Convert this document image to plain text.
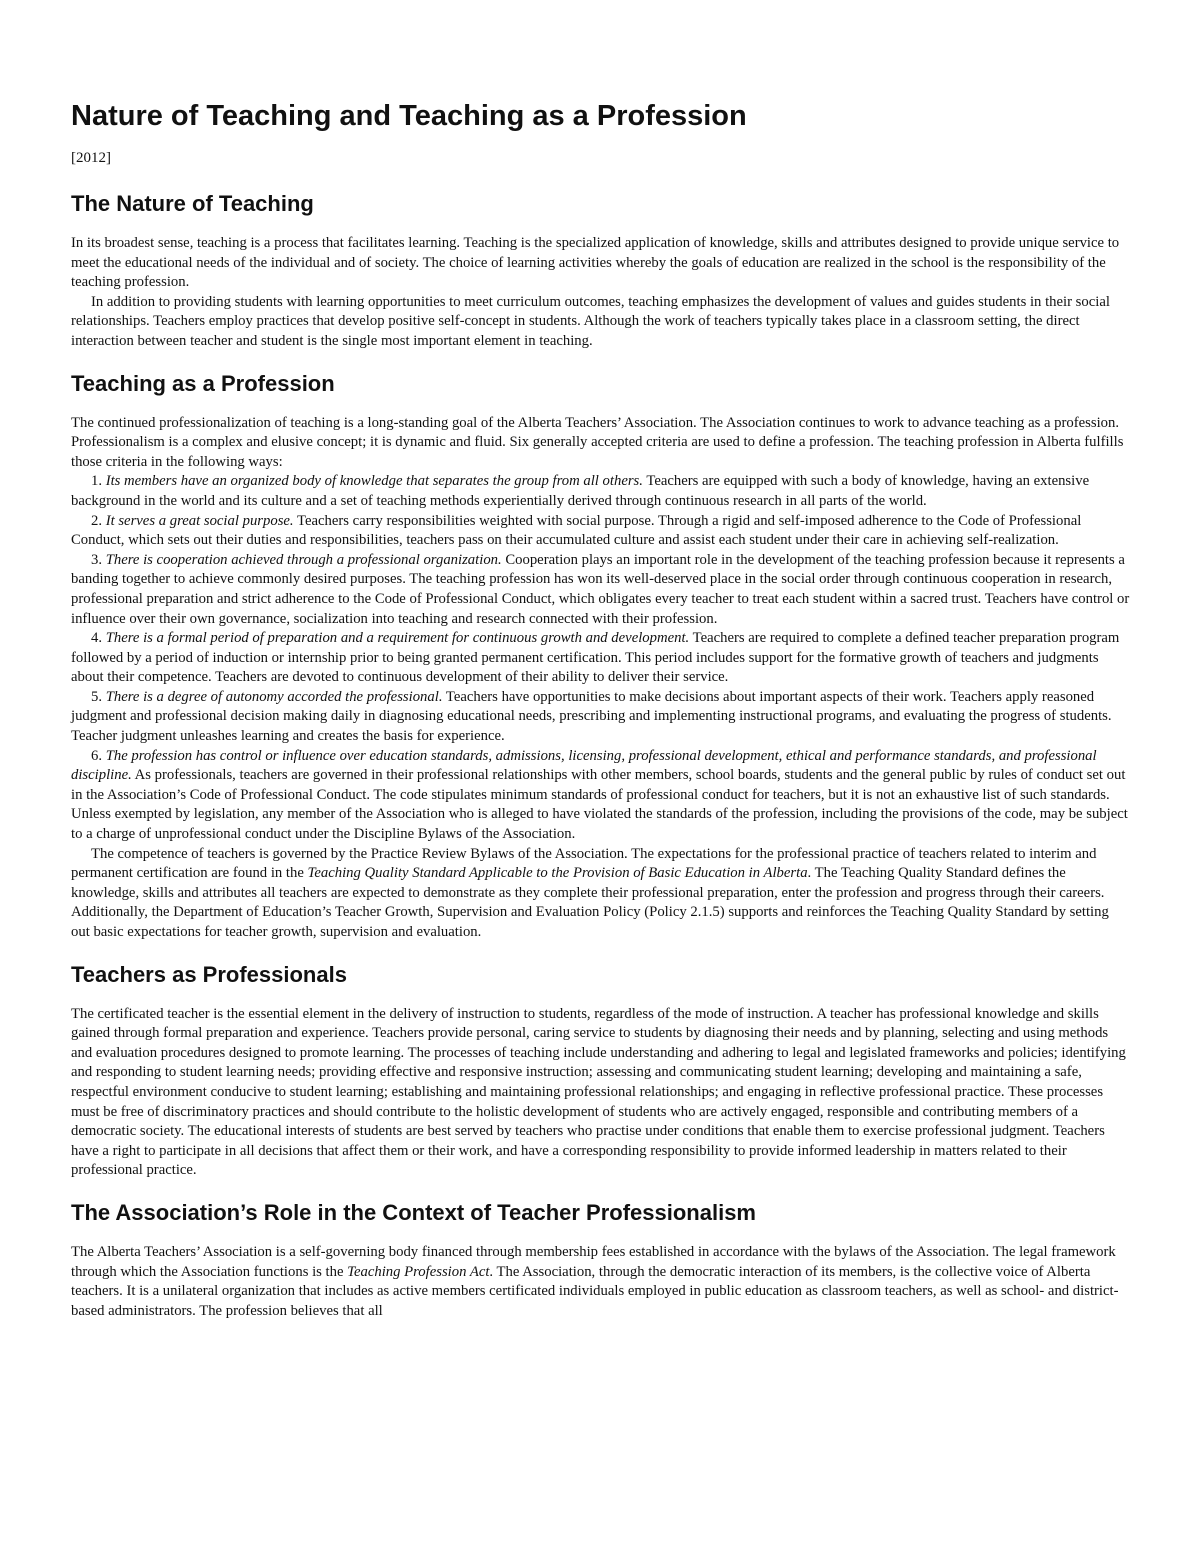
Nature of Teaching and Teaching as a Profession
[2012]
The Nature of Teaching

In its broadest sense, teaching is a process that facilitates learning. Teaching is the specialized application of knowledge, skills and attributes designed to provide unique service to meet the educational needs of the individual and of society. The choice of learning activities whereby the goals of education are realized in the school is the responsibility of the teaching profession.

In addition to providing students with learning opportunities to meet curriculum outcomes, teaching emphasizes the development of values and guides students in their social relationships. Teachers employ practices that develop positive self-concept in students. Although the work of teachers typically takes place in a classroom setting, the direct interaction between teacher and student is the single most important element in teaching.

Teaching as a Profession

The continued professionalization of teaching is a long-standing goal of the Alberta Teachers’ Association. The Association continues to work to advance teaching as a profession. Professionalism is a complex and elusive concept; it is dynamic and fluid. Six generally accepted criteria are used to define a profession. The teaching profession in Alberta fulfills those criteria in the following ways:

1. Its members have an organized body of knowledge that separates the group from all others. Teachers are equipped with such a body of knowledge, having an extensive background in the world and its culture and a set of teaching methods experientially derived through continuous research in all parts of the world.

2. It serves a great social purpose. Teachers carry responsibilities weighted with social purpose. Through a rigid and self-imposed adherence to the Code of Professional Conduct, which sets out their duties and responsibilities, teachers pass on their accumulated culture and assist each student under their care in achieving self-realization.

3. There is cooperation achieved through a professional organization. Cooperation plays an important role in the development of the teaching profession because it represents a banding together to achieve commonly desired purposes. The teaching profession has won its well-deserved place in the social order through continuous cooperation in research, professional preparation and strict adherence to the Code of Professional Conduct, which obligates every teacher to treat each student within a sacred trust. Teachers have control or influence over their own governance, socialization into teaching and research connected with their profession.

4. There is a formal period of preparation and a requirement for continuous growth and development. Teachers are required to complete a defined teacher preparation program followed by a period of induction or internship prior to being granted permanent certification. This period includes support for the formative growth of teachers and judgments about their competence. Teachers are devoted to continuous development of their ability to deliver their service.

5. There is a degree of autonomy accorded the professional. Teachers have opportunities to make decisions about important aspects of their work. Teachers apply reasoned judgment and professional decision making daily in diagnosing educational needs, prescribing and implementing instructional programs, and evaluating the progress of students. Teacher judgment unleashes learning and creates the basis for experience.

6. The profession has control or influence over education standards, admissions, licensing, professional development, ethical and performance standards, and professional discipline. As professionals, teachers are governed in their professional relationships with other members, school boards, students and the general public by rules of conduct set out in the Association’s Code of Professional Conduct. The code stipulates minimum standards of professional conduct for teachers, but it is not an exhaustive list of such standards. Unless exempted by legislation, any member of the Association who is alleged to have violated the standards of the profession, including the provisions of the code, may be subject to a charge of unprofessional conduct under the Discipline Bylaws of the Association.

The competence of teachers is governed by the Practice Review Bylaws of the Association. The expectations for the professional practice of teachers related to interim and permanent certification are found in the Teaching Quality Standard Applicable to the Provision of Basic Education in Alberta. The Teaching Quality Standard defines the knowledge, skills and attributes all teachers are expected to demonstrate as they complete their professional preparation, enter the profession and progress through their careers. Additionally, the Department of Education’s Teacher Growth, Supervision and Evaluation Policy (Policy 2.1.5) supports and reinforces the Teaching Quality Standard by setting out basic expectations for teacher growth, supervision and evaluation.

Teachers as Professionals

The certificated teacher is the essential element in the delivery of instruction to students, regardless of the mode of instruction. A teacher has professional knowledge and skills gained through formal preparation and experience. Teachers provide personal, caring service to students by diagnosing their needs and by planning, selecting and using methods and evaluation procedures designed to promote learning. The processes of teaching include understanding and adhering to legal and legislated frameworks and policies; identifying and responding to student learning needs; providing effective and responsive instruction; assessing and communicating student learning; developing and maintaining a safe, respectful environment conducive to student learning; establishing and maintaining professional relationships; and engaging in reflective professional practice. These processes must be free of discriminatory practices and should contribute to the holistic development of students who are actively engaged, responsible and contributing members of a democratic society. The educational interests of students are best served by teachers who practise under conditions that enable them to exercise professional judgment. Teachers have a right to participate in all decisions that affect them or their work, and have a corresponding responsibility to provide informed leadership in matters related to their professional practice.

The Association’s Role in the Context of Teacher Professionalism

The Alberta Teachers’ Association is a self-governing body financed through membership fees established in accordance with the bylaws of the Association. The legal framework through which the Association functions is the Teaching Profession Act. The Association, through the democratic interaction of its members, is the collective voice of Alberta teachers. It is a unilateral organization that includes as active members certificated individuals employed in public education as classroom teachers, as well as school- and district-based administrators. The profession believes that all
